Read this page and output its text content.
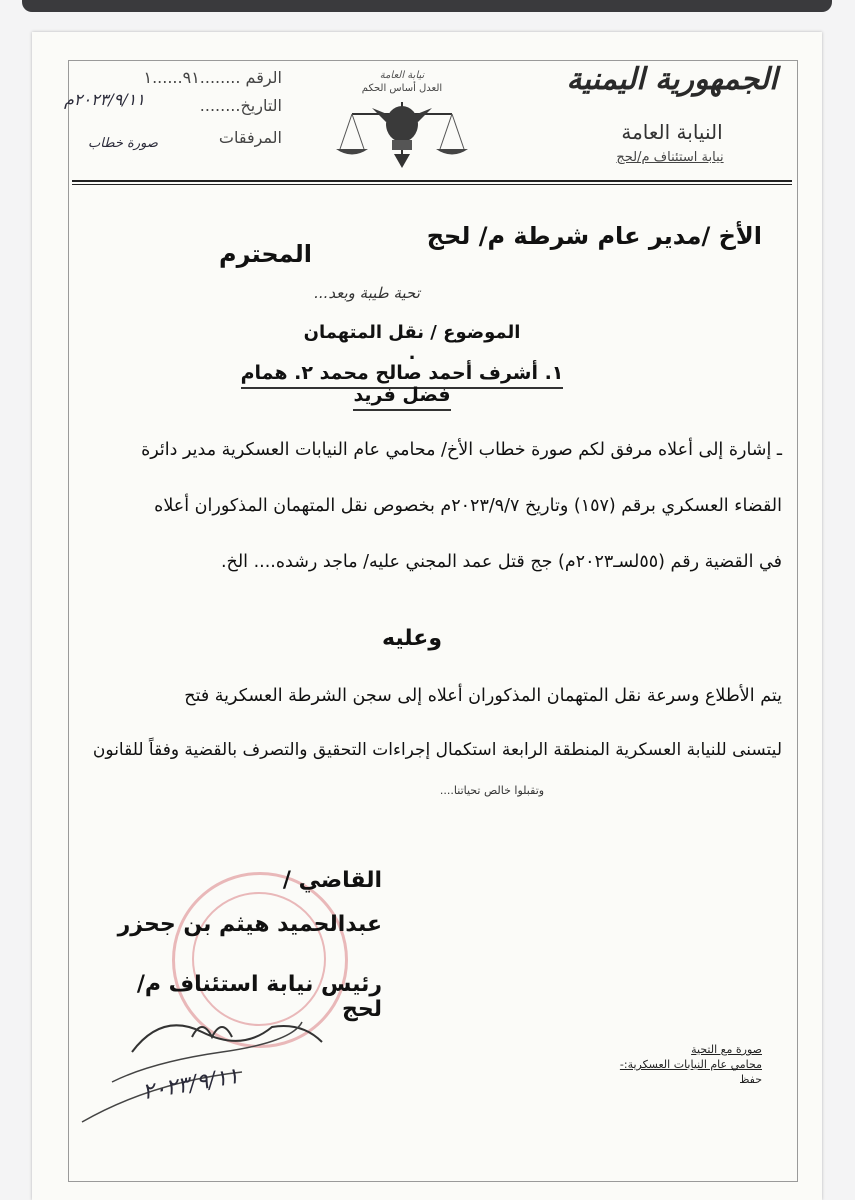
الجمهورية اليمنية
النيابة العامة
نيابة استئناف م/لحج
نيابة العامة
العدل أساس الحكم
الرقم ........٩١......١
التاريخ........
٢٠٢٣/٩/١١م
المرفقات
صورة خطاب
الأخ /مدير عام شرطة م/ لحج
المحترم
تحية طيبة وبعد...
الموضوع / نقل المتهمان .
١. أشرف أحمد صالح محمد ٢. همام فضل فريد
ـ إشارة إلى أعلاه مرفق لكم صورة خطاب الأخ/ محامي عام النيابات العسكرية مدير دائرة
القضاء العسكري برقم (١٥٧) وتاريخ ٢٠٢٣/٩/٧م بخصوص نقل المتهمان المذكوران أعلاه
في القضية رقم (٥٥لسـ٢٠٢٣م) جج قتل عمد المجني عليه/ ماجد رشده.... الخ.
وعليه
يتم الأطلاع وسرعة نقل المتهمان المذكوران أعلاه إلى سجن الشرطة العسكرية فتح
ليتسنى للنيابة العسكرية المنطقة الرابعة استكمال إجراءات التحقيق والتصرف بالقضية وفقاً للقانون
وتقبلوا خالص تحياتنا....
القاضي /
عبدالحميد هيثم بن جحزر
رئيس نيابة استئناف م/ لحج
٢٠٢٣/٩/١١
صورة مع التحية
محامي عام النيابات العسكرية:-
حفظ
